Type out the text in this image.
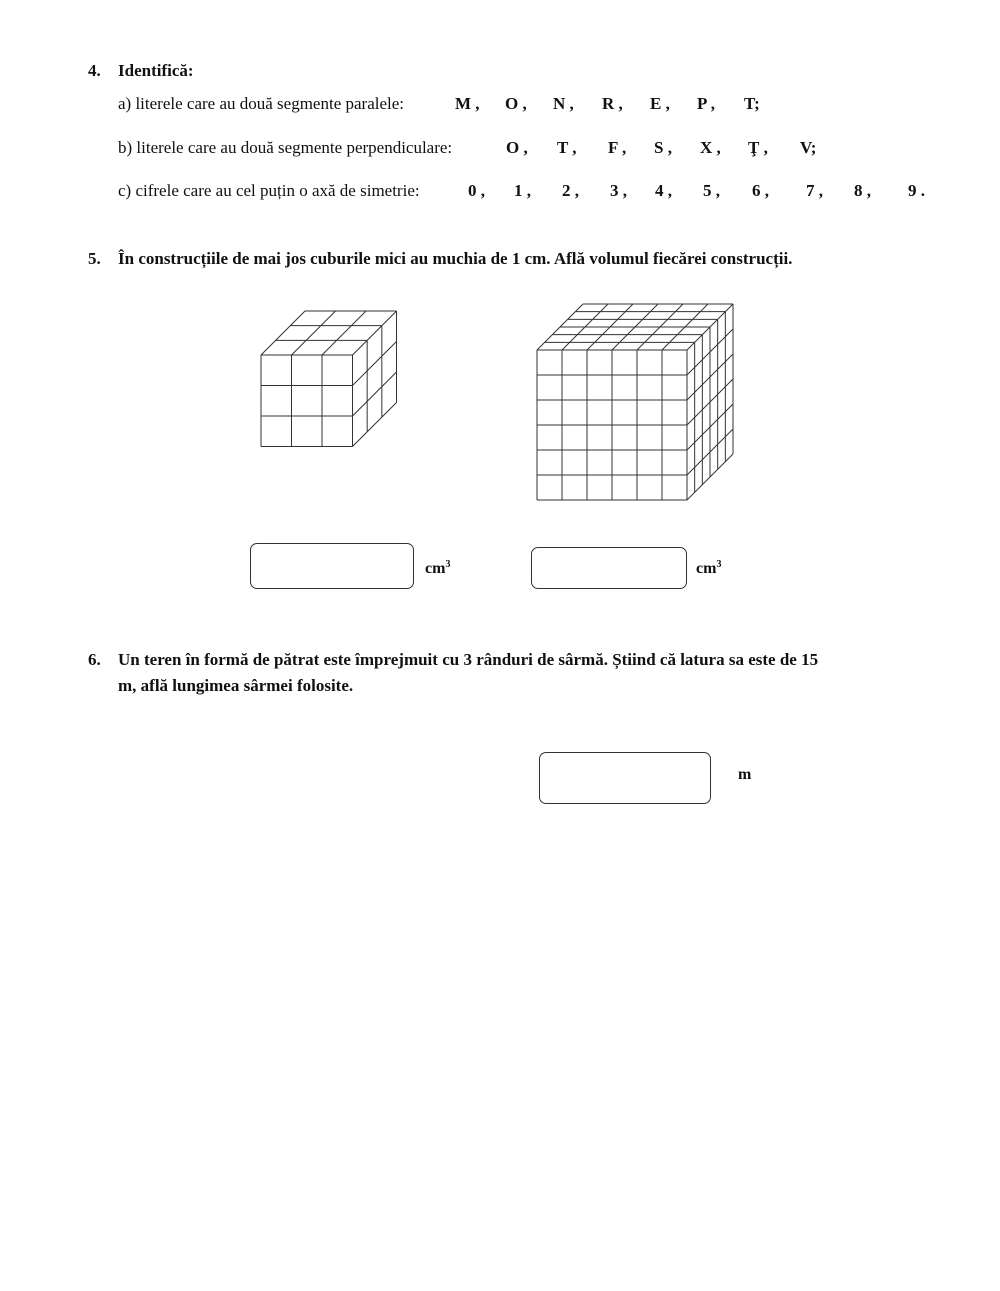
4. Identifică:
a) literele care au două segmente paralele:	M , O , N , R , E , P , T;
b) literele care au două segmente perpendiculare:	O , T , F , S , X , Ţ , V;
c) cifrele care au cel puțin o axă de simetrie:	0 , 1 , 2 , 3 , 4 , 5 , 6 , 7 , 8 , 9 .
5. În construcțiile de mai jos cuburile mici au muchia de 1 cm. Află volumul fiecărei construcții.
$cm^3$	$cm^3$
6. Un teren în formă de pătrat este împrejmuit cu 3 rânduri de sârmă. Știind că latura sa este de 15
m, află lungimea sârmei folosite.
m
